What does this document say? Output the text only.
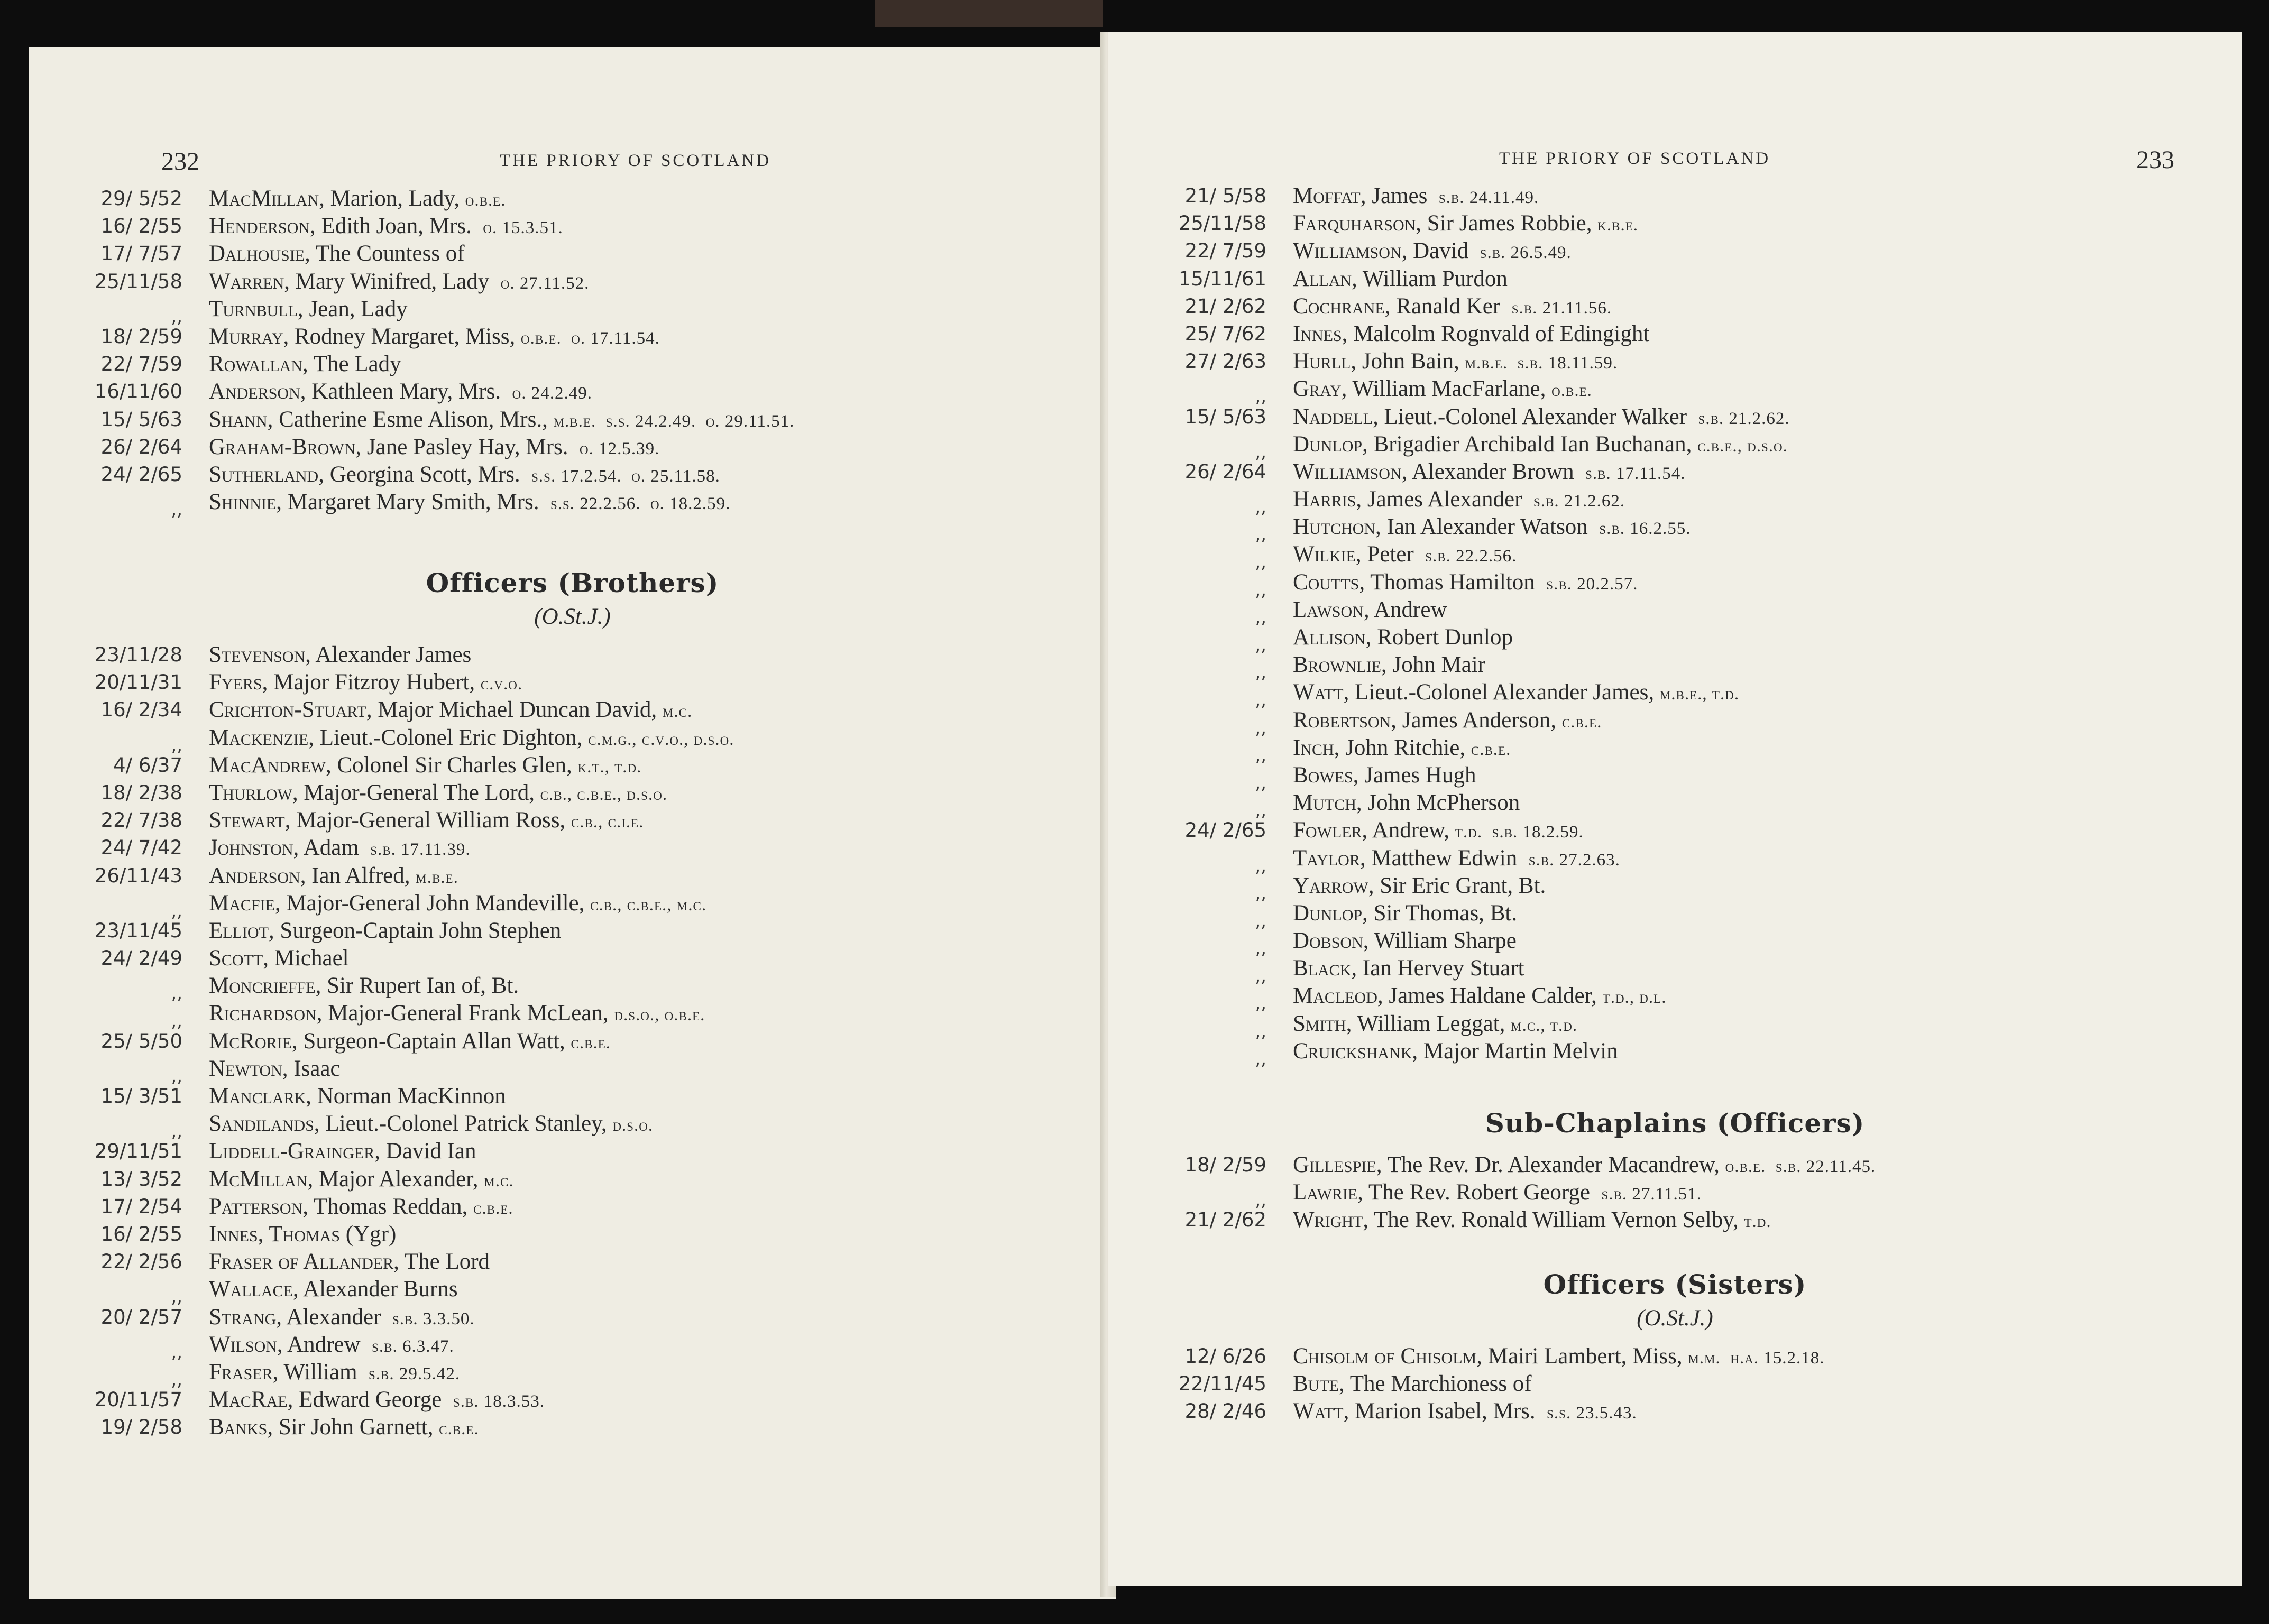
232	THE PRIORY OF SCOTLAND
29/ 5/52 MacMillan, Marion, Lady, o.b.e.
16/ 2/55 Henderson, Edith Joan, Mrs.  o. 15.3.51.
17/ 7/57 Dalhousie, The Countess of
25/11/58 Warren, Mary Winifred, Lady  o. 27.11.52.
,, Turnbull, Jean, Lady
18/ 2/59 Murray, Rodney Margaret, Miss, o.b.e.  o. 17.11.54.
22/ 7/59 Rowallan, The Lady
16/11/60 Anderson, Kathleen Mary, Mrs.  o. 24.2.49.
15/ 5/63 Shann, Catherine Esme Alison, Mrs., m.b.e.  s.s. 24.2.49.  o. 29.11.51.
26/ 2/64 Graham-Brown, Jane Pasley Hay, Mrs.  o. 12.5.39.
24/ 2/65 Sutherland, Georgina Scott, Mrs.  s.s. 17.2.54.  o. 25.11.58.
,, Shinnie, Margaret Mary Smith, Mrs.  s.s. 22.2.56.  o. 18.2.59.
Officers (Brothers)
(O.St.J.)
23/11/28 Stevenson, Alexander James
20/11/31 Fyers, Major Fitzroy Hubert, c.v.o.
16/ 2/34 Crichton-Stuart, Major Michael Duncan David, m.c.
,, Mackenzie, Lieut.-Colonel Eric Dighton, c.m.g., c.v.o., d.s.o.
4/ 6/37 MacAndrew, Colonel Sir Charles Glen, k.t., t.d.
18/ 2/38 Thurlow, Major-General The Lord, c.b., c.b.e., d.s.o.
22/ 7/38 Stewart, Major-General William Ross, c.b., c.i.e.
24/ 7/42 Johnston, Adam  s.b. 17.11.39.
26/11/43 Anderson, Ian Alfred, m.b.e.
,, Macfie, Major-General John Mandeville, c.b., c.b.e., m.c.
23/11/45 Elliot, Surgeon-Captain John Stephen
24/ 2/49 Scott, Michael
,, Moncrieffe, Sir Rupert Ian of, Bt.
,, Richardson, Major-General Frank McLean, d.s.o., o.b.e.
25/ 5/50 McRorie, Surgeon-Captain Allan Watt, c.b.e.
,, Newton, Isaac
15/ 3/51 Manclark, Norman MacKinnon
,, Sandilands, Lieut.-Colonel Patrick Stanley, d.s.o.
29/11/51 Liddell-Grainger, David Ian
13/ 3/52 McMillan, Major Alexander, m.c.
17/ 2/54 Patterson, Thomas Reddan, c.b.e.
16/ 2/55 Innes, Thomas (Ygr)
22/ 2/56 Fraser of Allander, The Lord
,, Wallace, Alexander Burns
20/ 2/57 Strang, Alexander  s.b. 3.3.50.
,, Wilson, Andrew  s.b. 6.3.47.
,, Fraser, William  s.b. 29.5.42.
20/11/57 MacRae, Edward George  s.b. 18.3.53.
19/ 2/58 Banks, Sir John Garnett, c.b.e.
233
THE PRIORY OF SCOTLAND
21/ 5/58 Moffat, James  s.b. 24.11.49.
25/11/58 Farquharson, Sir James Robbie, k.b.e.
22/ 7/59 Williamson, David  s.b. 26.5.49.
15/11/61 Allan, William Purdon
21/ 2/62 Cochrane, Ranald Ker  s.b. 21.11.56.
25/ 7/62 Innes, Malcolm Rognvald of Edingight
27/ 2/63 Hurll, John Bain, m.b.e.  s.b. 18.11.59.
,, Gray, William MacFarlane, o.b.e.
15/ 5/63 Naddell, Lieut.-Colonel Alexander Walker  s.b. 21.2.62.
,, Dunlop, Brigadier Archibald Ian Buchanan, c.b.e., d.s.o.
26/ 2/64 Williamson, Alexander Brown  s.b. 17.11.54.
,, Harris, James Alexander  s.b. 21.2.62.
,, Hutchon, Ian Alexander Watson  s.b. 16.2.55.
,, Wilkie, Peter  s.b. 22.2.56.
,, Coutts, Thomas Hamilton  s.b. 20.2.57.
,, Lawson, Andrew
,, Allison, Robert Dunlop
,, Brownlie, John Mair
,, Watt, Lieut.-Colonel Alexander James, m.b.e., t.d.
,, Robertson, James Anderson, c.b.e.
,, Inch, John Ritchie, c.b.e.
,, Bowes, James Hugh
,, Mutch, John McPherson
24/ 2/65 Fowler, Andrew, t.d.  s.b. 18.2.59.
,, Taylor, Matthew Edwin  s.b. 27.2.63.
,, Yarrow, Sir Eric Grant, Bt.
,, Dunlop, Sir Thomas, Bt.
,, Dobson, William Sharpe
,, Black, Ian Hervey Stuart
,, Macleod, James Haldane Calder, t.d., d.l.
,, Smith, William Leggat, m.c., t.d.
,, Cruickshank, Major Martin Melvin
Sub-Chaplains (Officers)
18/ 2/59 Gillespie, The Rev. Dr. Alexander Macandrew, o.b.e.  s.b. 22.11.45.
,, Lawrie, The Rev. Robert George  s.b. 27.11.51.
21/ 2/62 Wright, The Rev. Ronald William Vernon Selby, t.d.
Officers (Sisters)
(O.St.J.)
12/ 6/26 Chisolm of Chisolm, Mairi Lambert, Miss, m.m.  h.a. 15.2.18.
22/11/45 Bute, The Marchioness of
28/ 2/46 Watt, Marion Isabel, Mrs.  s.s. 23.5.43.
